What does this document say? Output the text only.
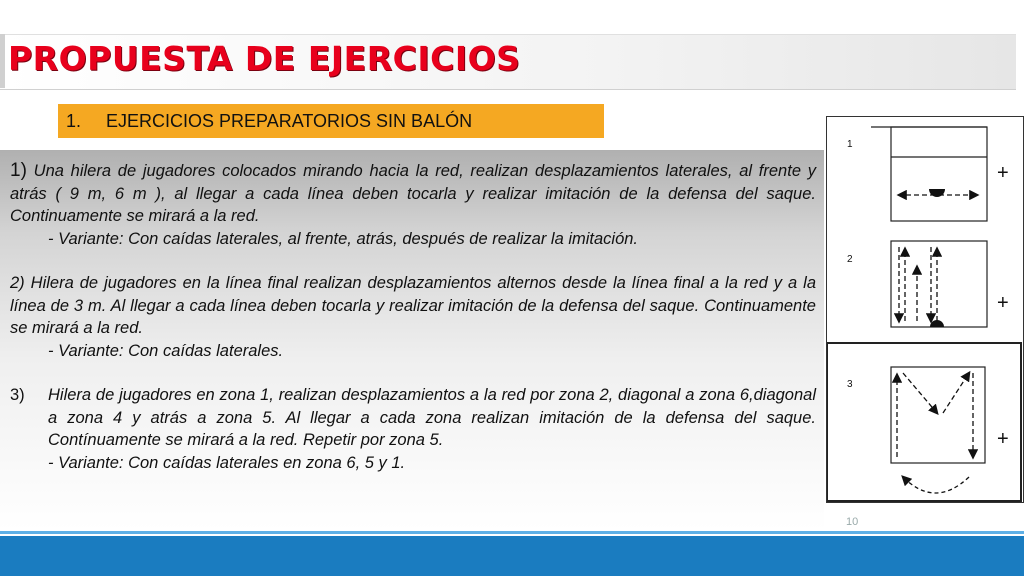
PROPUESTA DE EJERCICIOS
1.	EJERCICIOS PREPARATORIOS SIN BALÓN

1) Una hilera de jugadores colocados mirando hacia la red, realizan desplazamientos laterales, al frente y atrás ( 9 m, 6 m ), al llegar a cada línea deben tocarla y realizar imitación de la defensa del saque. Continuamente se mirará a la red.

- Variante: Con caídas laterales, al frente, atrás, después de realizar la imitación.

2) Hilera de jugadores en la línea final realizan desplazamientos alternos desde la línea final a la red y a la línea de 3 m. Al llegar a cada línea deben tocarla y realizar imitación de la defensa del saque. Continuamente se mirará a la red.

- Variante: Con caídas laterales.

3)	Hilera de jugadores en zona 1, realizan desplazamientos a la red por zona 2, diagonal a zona 6,diagonal a zona 4 y atrás a zona 5. Al llegar a cada zona realizan imitación de la defensa del saque. Contínuamente se mirará a la red. Repetir por zona 5.

- Variante: Con caídas laterales en zona 6, 5 y 1.

1
+
2
+
3
+
10
